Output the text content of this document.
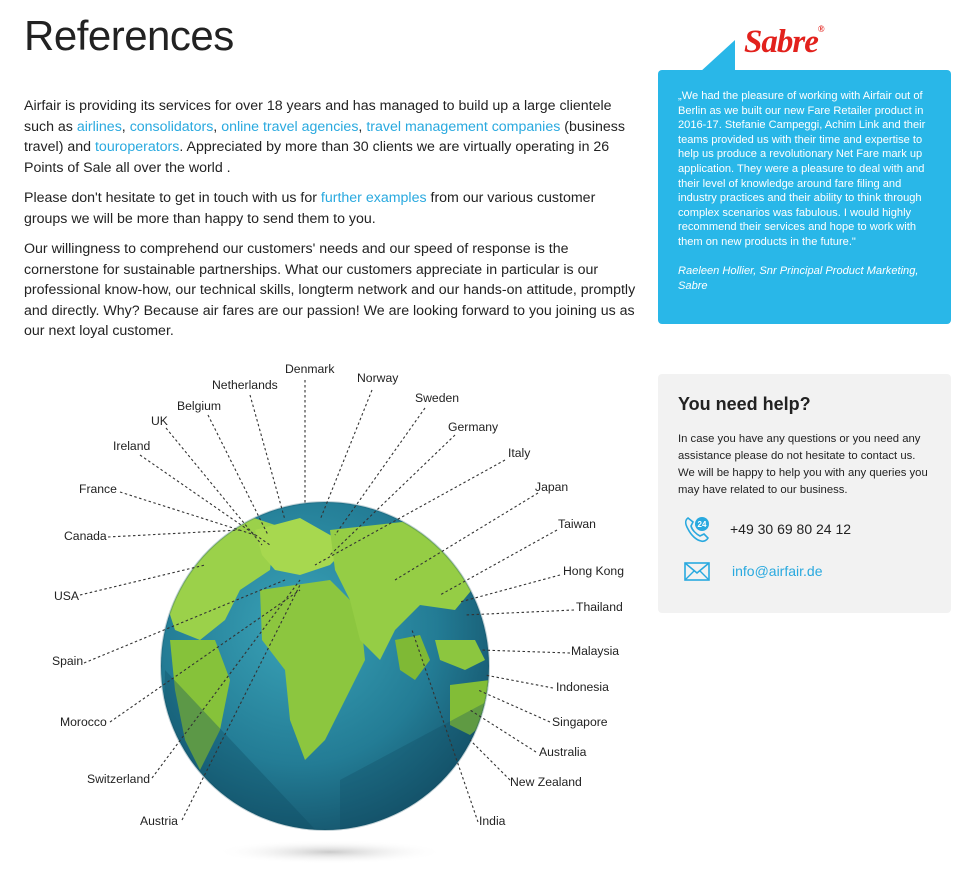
References

Airfair is providing its services for over 18 years and has managed to build up a large clientele such as airlines, consolidators, online travel agencies, travel management companies (business travel) and touroperators. Appreciated by more than 30 clients we are virtually operating in 26 Points of Sale all over the world .

Please don't hesitate to get in touch with us for further examples from our various customer groups we will be more than happy to send them to you.

Our willingness to comprehend our customers' needs and our speed of response is the cornerstone for sustainable partnerships. What our customers appreciate in particular is our professional know-how, our technical skills, longterm network and our hands-on attitude, promptly and directly. Why? Because air fares are our passion! We are looking forward to you joining us as our next loyal customer.

Sabre®

„We had the pleasure of working with Airfair out of Berlin as we built our new Fare Retailer product in 2016-17. Stefanie Campeggi, Achim Link and their teams provided us with their time and expertise to help us produce a revolutionary Net Fare mark up application. They were a pleasure to deal with and their level of knowledge around fare filing and industry practices and their ability to think through complex scenarios was fabulous. I would highly recommend their services and hope to work with them on new products in the future."

Raeleen Hollier, Snr Principal Product Marketing, Sabre

You need help?

In case you have any questions or you need any assistance please do not hesitate to contact us. We will be happy to help you with any queries you may have related to our business.

24 +49 30 69 80 24 12
info@airfair.de
Denmark
Netherlands	Norway
Belgium
Sweden
UK	Germany
Ireland	Italy
France	Japan
Taiwan
Canada
Hong Kong
USA
Thailand
Spain
Malaysia
Indonesia
Morocco	Singapore
Australia
Switzerland	New Zealand
Austria	India
